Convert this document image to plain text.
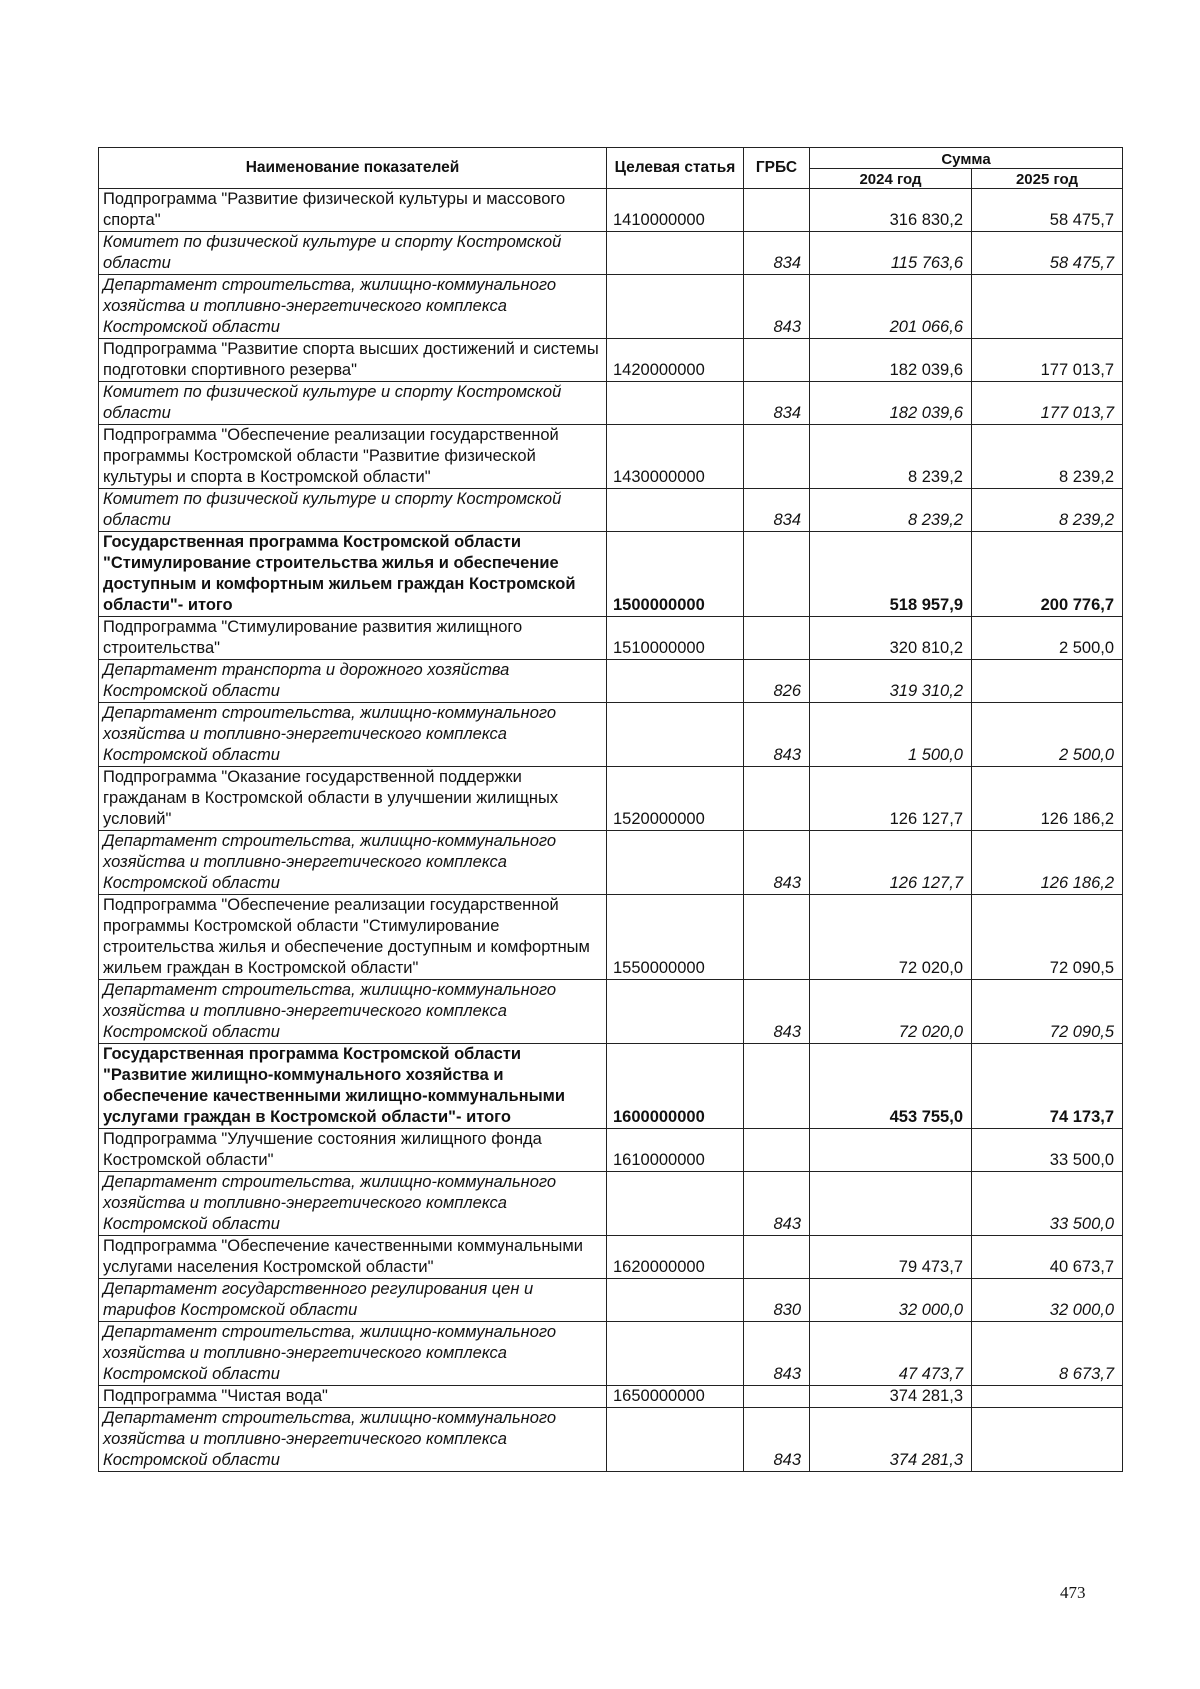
Наименование показателей	Целевая статья	ГРБС	Сумма	
			2024 год	2025 год
Подпрограмма "Развитие физической культуры и массового спорта"	1410000000		316 830,2	58 475,7
Комитет по физической культуре и спорту Костромской области		834	115 763,6	58 475,7
Департамент строительства, жилищно-коммунального хозяйства и топливно-энергетического комплекса Костромской области		843	201 066,6	
Подпрограмма "Развитие спорта высших достижений и системы подготовки спортивного резерва"	1420000000		182 039,6	177 013,7
Комитет по физической культуре и спорту Костромской области		834	182 039,6	177 013,7
Подпрограмма "Обеспечение реализации государственной программы Костромской области "Развитие физической культуры и спорта в Костромской области"	1430000000		8 239,2	8 239,2
Комитет по физической культуре и спорту Костромской области		834	8 239,2	8 239,2
Государственная программа Костромской области "Стимулирование строительства жилья и обеспечение доступным и комфортным жильем граждан Костромской области"- итого	1500000000		518 957,9	200 776,7
Подпрограмма "Стимулирование развития жилищного строительства"	1510000000		320 810,2	2 500,0
Департамент транспорта и дорожного хозяйства Костромской области		826	319 310,2	
Департамент строительства, жилищно-коммунального хозяйства и топливно-энергетического комплекса Костромской области		843	1 500,0	2 500,0
Подпрограмма "Оказание государственной поддержки гражданам в Костромской области в улучшении жилищных условий"	1520000000		126 127,7	126 186,2
Департамент строительства, жилищно-коммунального хозяйства и топливно-энергетического комплекса Костромской области		843	126 127,7	126 186,2
Подпрограмма "Обеспечение реализации государственной программы Костромской области "Стимулирование строительства жилья и обеспечение доступным и комфортным жильем граждан в Костромской области"	1550000000		72 020,0	72 090,5
Департамент строительства, жилищно-коммунального хозяйства и топливно-энергетического комплекса Костромской области		843	72 020,0	72 090,5
Государственная программа Костромской области "Развитие жилищно-коммунального хозяйства и обеспечение качественными жилищно-коммунальными услугами граждан в Костромской области"- итого	1600000000		453 755,0	74 173,7
Подпрограмма "Улучшение состояния жилищного фонда Костромской области"	1610000000			33 500,0
Департамент строительства, жилищно-коммунального хозяйства и топливно-энергетического комплекса Костромской области		843		33 500,0
Подпрограмма "Обеспечение качественными коммунальными услугами населения Костромской области"	1620000000		79 473,7	40 673,7
Департамент государственного регулирования цен и тарифов Костромской области		830	32 000,0	32 000,0
Департамент строительства, жилищно-коммунального хозяйства и топливно-энергетического комплекса Костромской области		843	47 473,7	8 673,7
Подпрограмма "Чистая вода"	1650000000		374 281,3	
Департамент строительства, жилищно-коммунального хозяйства и топливно-энергетического комплекса Костромской области		843	374 281,3	
473
